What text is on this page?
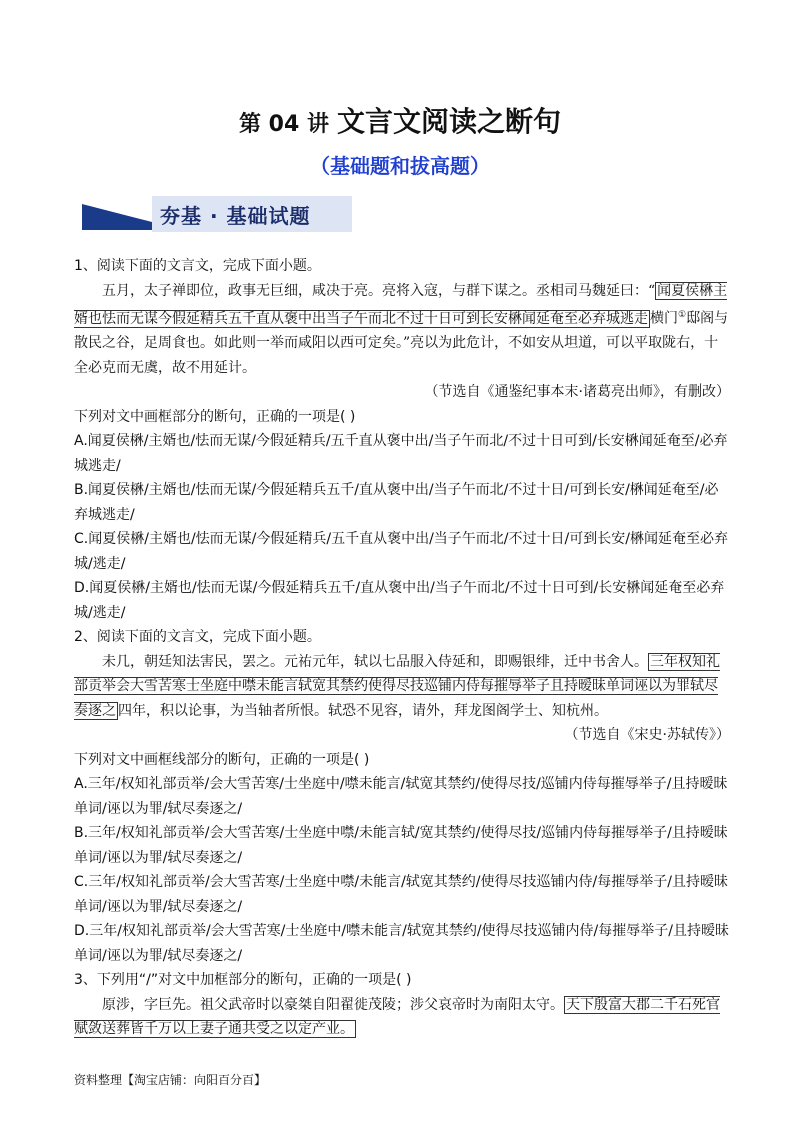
第 04 讲 文言文阅读之断句
（基础题和拔高题）
夯基 · 基础试题

1、阅读下面的文言文，完成下面小题。

五月，太子禅即位，政事无巨细，咸决于亮。亮将入寇，与群下谋之。丞相司马魏延曰：“ 闻夏侯楙主婿也怯而无谋今假延精兵五千直从褒中出当子午而北不过十日可到长安楙闻延奄至必弃城逃走 横门①邸阁与散民之谷，足周食也。如此则一举而咸阳以西可定矣。”亮以为此危计，不如安从坦道，可以平取陇右，十全必克而无虞，故不用延计。

（节选自《通鉴纪事本末·诸葛亮出师》，有删改）

下列对文中画框部分的断句，正确的一项是( )

A.闻夏侯楙/主婿也/怯而无谋/今假延精兵/五千直从褒中出/当子午而北/不过十日可到/长安楙闻延奄至/必弃城逃走/

B.闻夏侯楙/主婿也/怯而无谋/今假延精兵五千/直从褒中出/当子午而北/不过十日/可到长安/楙闻延奄至/必弃城逃走/

C.闻夏侯楙/主婿也/怯而无谋/今假延精兵/五千直从褒中出/当子午而北/不过十日/可到长安/楙闻延奄至必弃城/逃走/

D.闻夏侯楙/主婿也/怯而无谋/今假延精兵五千/直从褒中出/当子午而北/不过十日可到/长安楙闻延奄至必弃城/逃走/

2、阅读下面的文言文，完成下面小题。

未几，朝廷知法害民，罢之。元祐元年，轼以七品服入侍延和，即赐银绯，迁中书舍人。 三年权知礼部贡举会大雪苦寒士坐庭中噤未能言轼宽其禁约使得尽技巡铺内侍每摧辱举子且持暧昧单词诬以为罪轼尽奏逐之 四年，积以论事，为当轴者所恨。轼恐不见容，请外，拜龙图阁学士、知杭州。

（节选自《宋史·苏轼传》）

下列对文中画框线部分的断句，正确的一项是( )

A.三年/权知礼部贡举/会大雪苦寒/士坐庭中/噤未能言/轼宽其禁约/使得尽技/巡铺内侍每摧辱举子/且持暧昧单词/诬以为罪/轼尽奏逐之/

B.三年/权知礼部贡举/会大雪苦寒/士坐庭中噤/未能言轼/宽其禁约/使得尽技/巡铺内侍每摧辱举子/且持暧昧单词/诬以为罪/轼尽奏逐之/

C.三年/权知礼部贡举/会大雪苦寒/士坐庭中噤/未能言/轼宽其禁约/使得尽技巡铺内侍/每摧辱举子/且持暧昧单词/诬以为罪/轼尽奏逐之/

D.三年/权知礼部贡举/会大雪苦寒/士坐庭中/噤未能言/轼宽其禁约/使得尽技巡铺内侍/每摧辱举子/且持暧昧单词/诬以为罪/轼尽奏逐之/

3、下列用“/”对文中加框部分的断句，正确的一项是( )

原涉，字巨先。祖父武帝时以豪桀自阳翟徙茂陵；涉父哀帝时为南阳太守。 天下殷富大郡二千石死官赋敛送葬皆千万以上妻子通共受之以定产业。

资料整理【淘宝店铺：向阳百分百】
